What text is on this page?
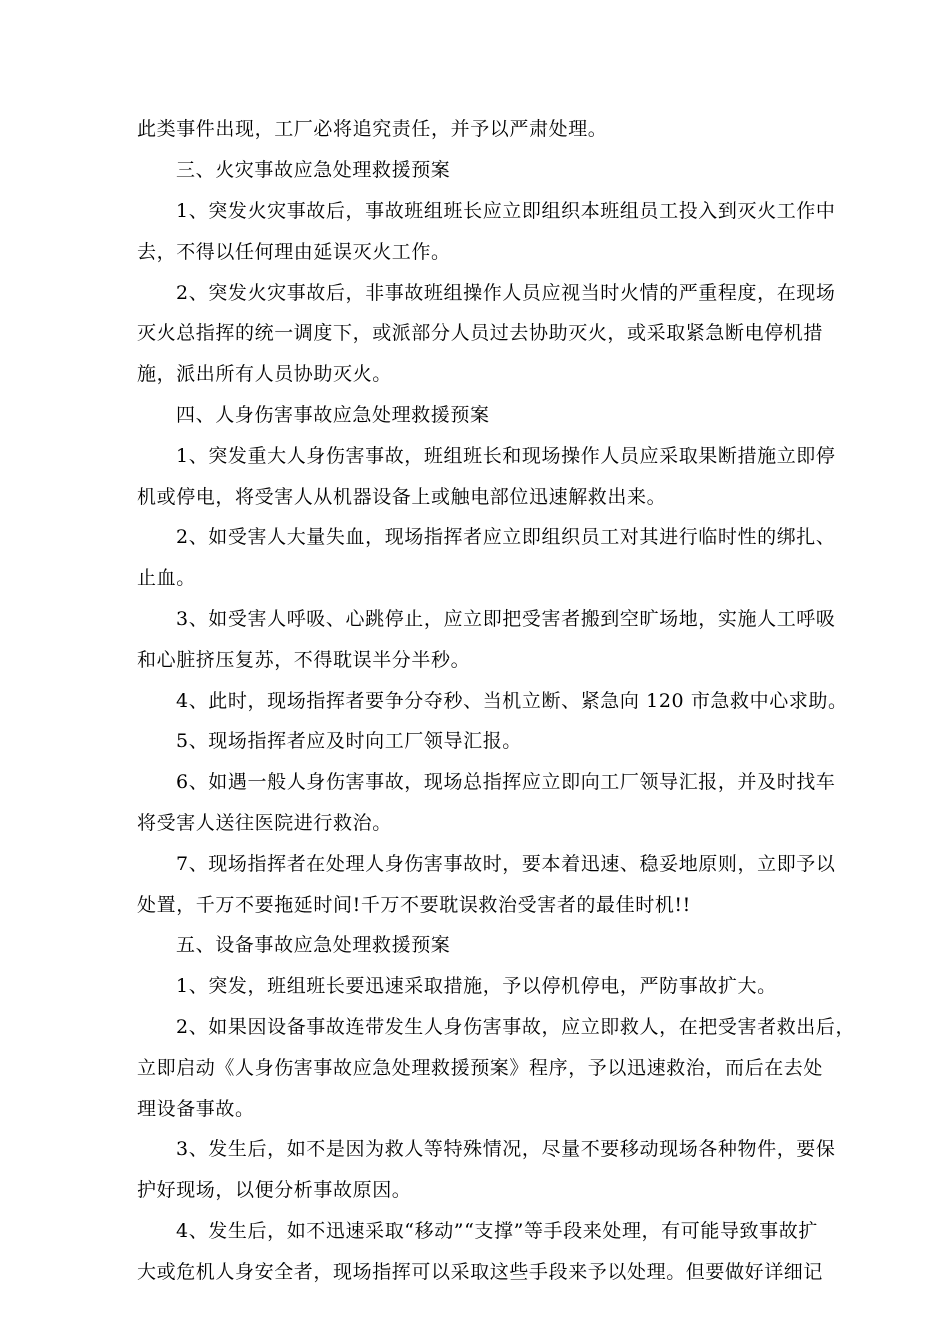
此类事件出现，工厂必将追究责任，并予以严肃处理。
三、火灾事故应急处理救援预案
1、突发火灾事故后，事故班组班长应立即组织本班组员工投入到灭火工作中
去，不得以任何理由延误灭火工作。
2、突发火灾事故后，非事故班组操作人员应视当时火情的严重程度，在现场
灭火总指挥的统一调度下，或派部分人员过去协助灭火，或采取紧急断电停机措
施，派出所有人员协助灭火。
四、人身伤害事故应急处理救援预案
1、突发重大人身伤害事故，班组班长和现场操作人员应采取果断措施立即停
机或停电，将受害人从机器设备上或触电部位迅速解救出来。
2、如受害人大量失血，现场指挥者应立即组织员工对其进行临时性的绑扎、
止血。
3、如受害人呼吸、心跳停止，应立即把受害者搬到空旷场地，实施人工呼吸
和心脏挤压复苏，不得耽误半分半秒。
4、此时，现场指挥者要争分夺秒、当机立断、紧急向 120 市急救中心求助。
5、现场指挥者应及时向工厂领导汇报。
6、如遇一般人身伤害事故，现场总指挥应立即向工厂领导汇报，并及时找车
将受害人送往医院进行救治。
7、现场指挥者在处理人身伤害事故时，要本着迅速、稳妥地原则，立即予以
处置，千万不要拖延时间!千万不要耽误救治受害者的最佳时机!!
五、设备事故应急处理救援预案
1、突发，班组班长要迅速采取措施，予以停机停电，严防事故扩大。
2、如果因设备事故连带发生人身伤害事故，应立即救人，在把受害者救出后，
立即启动《人身伤害事故应急处理救援预案》程序，予以迅速救治，而后在去处
理设备事故。
3、发生后，如不是因为救人等特殊情况，尽量不要移动现场各种物件，要保
护好现场，以便分析事故原因。
4、发生后，如不迅速采取“移动”“支撑”等手段来处理，有可能导致事故扩
大或危机人身安全者，现场指挥可以采取这些手段来予以处理。但要做好详细记
